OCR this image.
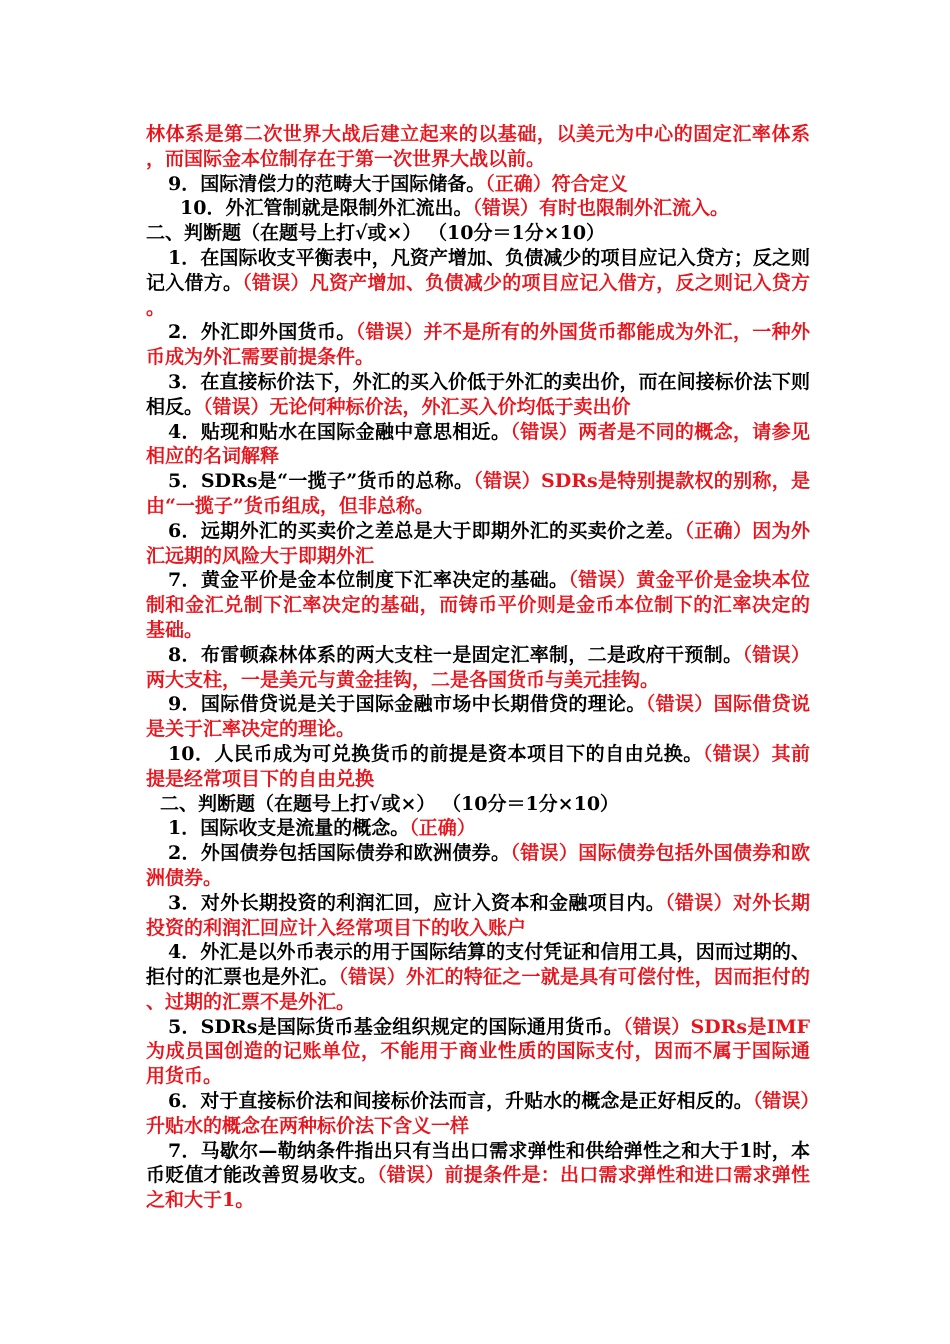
林体系是第二次世界大战后建立起来的以基础，以美元为中心的固定汇率体系，而国际金本位制存在于第一次世界大战以前。

9．国际清偿力的范畴大于国际储备。（正确）符合定义

10．外汇管制就是限制外汇流出。（错误）有时也限制外汇流入。

二、判断题（在题号上打√或×） （10分＝1分×10）

1．在国际收支平衡表中，凡资产增加、负债减少的项目应记入贷方；反之则记入借方。（错误）凡资产增加、负债减少的项目应记入借方，反之则记入贷方。

2．外汇即外国货币。（错误）并不是所有的外国货币都能成为外汇，一种外币成为外汇需要前提条件。

3．在直接标价法下，外汇的买入价低于外汇的卖出价，而在间接标价法下则相反。（错误）无论何种标价法，外汇买入价均低于卖出价

4．贴现和贴水在国际金融中意思相近。（错误）两者是不同的概念，请参见相应的名词解释

5．SDRs是“一揽子”货币的总称。（错误）SDRs是特别提款权的别称，是由“一揽子”货币组成，但非总称。

6．远期外汇的买卖价之差总是大于即期外汇的买卖价之差。（正确）因为外汇远期的风险大于即期外汇

7．黄金平价是金本位制度下汇率决定的基础。（错误）黄金平价是金块本位制和金汇兑制下汇率决定的基础，而铸币平价则是金币本位制下的汇率决定的基础。

8．布雷顿森林体系的两大支柱一是固定汇率制，二是政府干预制。（错误）两大支柱，一是美元与黄金挂钩，二是各国货币与美元挂钩。

9．国际借贷说是关于国际金融市场中长期借贷的理论。（错误）国际借贷说是关于汇率决定的理论。

10．人民币成为可兑换货币的前提是资本项目下的自由兑换。（错误）其前提是经常项目下的自由兑换

二、判断题（在题号上打√或×） （10分＝1分×10）

1．国际收支是流量的概念。（正确）

2．外国债券包括国际债券和欧洲债券。（错误）国际债券包括外国债券和欧洲债券。

3．对外长期投资的利润汇回，应计入资本和金融项目内。（错误）对外长期投资的利润汇回应计入经常项目下的收入账户

4．外汇是以外币表示的用于国际结算的支付凭证和信用工具，因而过期的、拒付的汇票也是外汇。（错误）外汇的特征之一就是具有可偿付性，因而拒付的、过期的汇票不是外汇。

5．SDRs是国际货币基金组织规定的国际通用货币。（错误）SDRs是IMF为成员国创造的记账单位，不能用于商业性质的国际支付，因而不属于国际通用货币。

6．对于直接标价法和间接标价法而言，升贴水的概念是正好相反的。（错误）升贴水的概念在两种标价法下含义一样

7．马歇尔—勒纳条件指出只有当出口需求弹性和供给弹性之和大于1时，本币贬值才能改善贸易收支。（错误）前提条件是：出口需求弹性和进口需求弹性之和大于1。
